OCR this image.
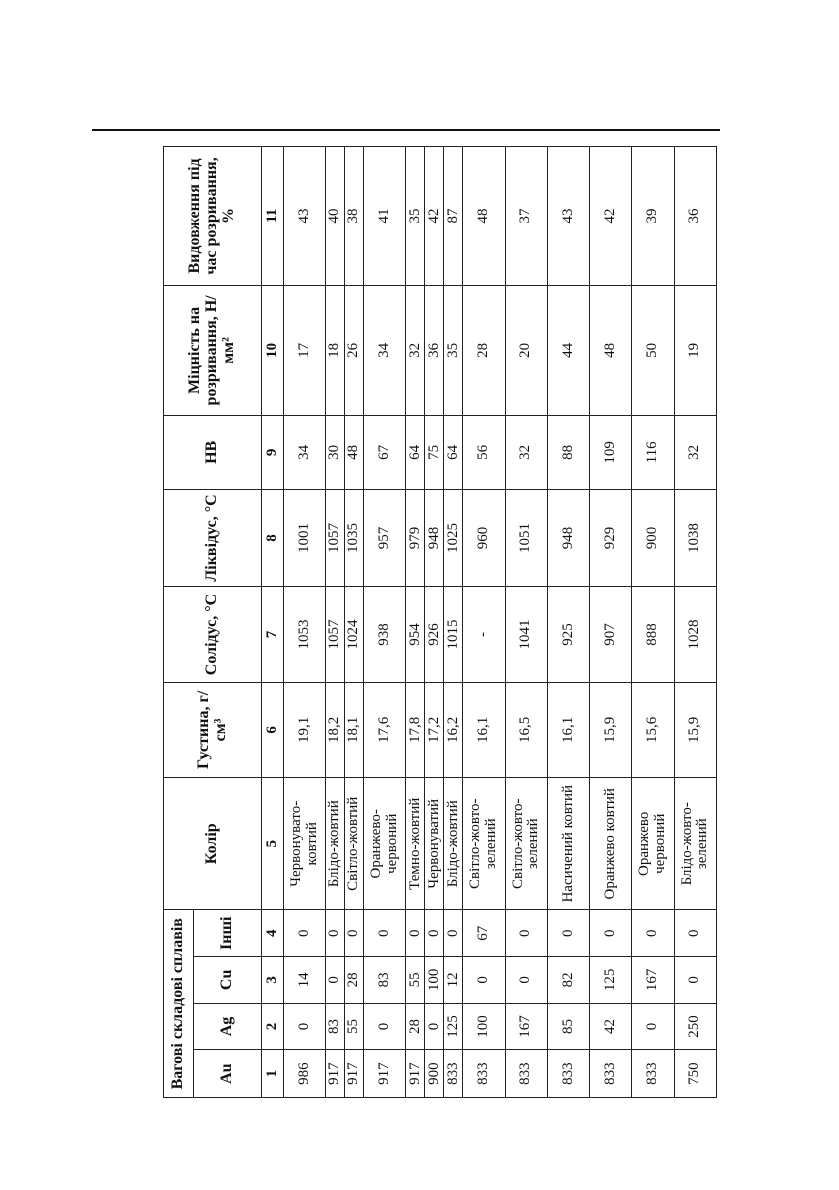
Вагові складові сплавів				Колір	Густина, г/см³	Солідус, °C	Ліквідус, °C	HB	Міцність на розривання, Н/мм²	Видовження під час розривання, %
Au	Ag	Cu	Інші							
1	2	3	4	5	6	7	8	9	10	11
986	0	14	0	Червонувато-ковтий	19,1	1053	1001	34	17	43
917	83	0	0	Блідо-жовтий	18,2	1057	1057	30	18	40
917	55	28	0	Світло-жовтий	18,1	1024	1035	48	26	38
917	0	83	0	Оранжево-червоний	17,6	938	957	67	34	41
917	28	55	0	Темно-жовтий	17,8	954	979	64	32	35
900	0	100	0	Червонуватий	17,2	926	948	75	36	42
833	125	12	0	Блідо-жовтий	16,2	1015	1025	64	35	87
833	100	0	67	Світло-жовто-зелений	16,1	-	960	56	28	48
833	167	0	0	Світло-жовто-зелений	16,5	1041	1051	32	20	37
833	85	82	0	Насичений ковтий	16,1	925	948	88	44	43
833	42	125	0	Оранжево ковтий	15,9	907	929	109	48	42
833	0	167	0	Оранжево червоний	15,6	888	900	116	50	39
750	250	0	0	Блідо-жовто-зелений	15,9	1028	1038	32	19	36
